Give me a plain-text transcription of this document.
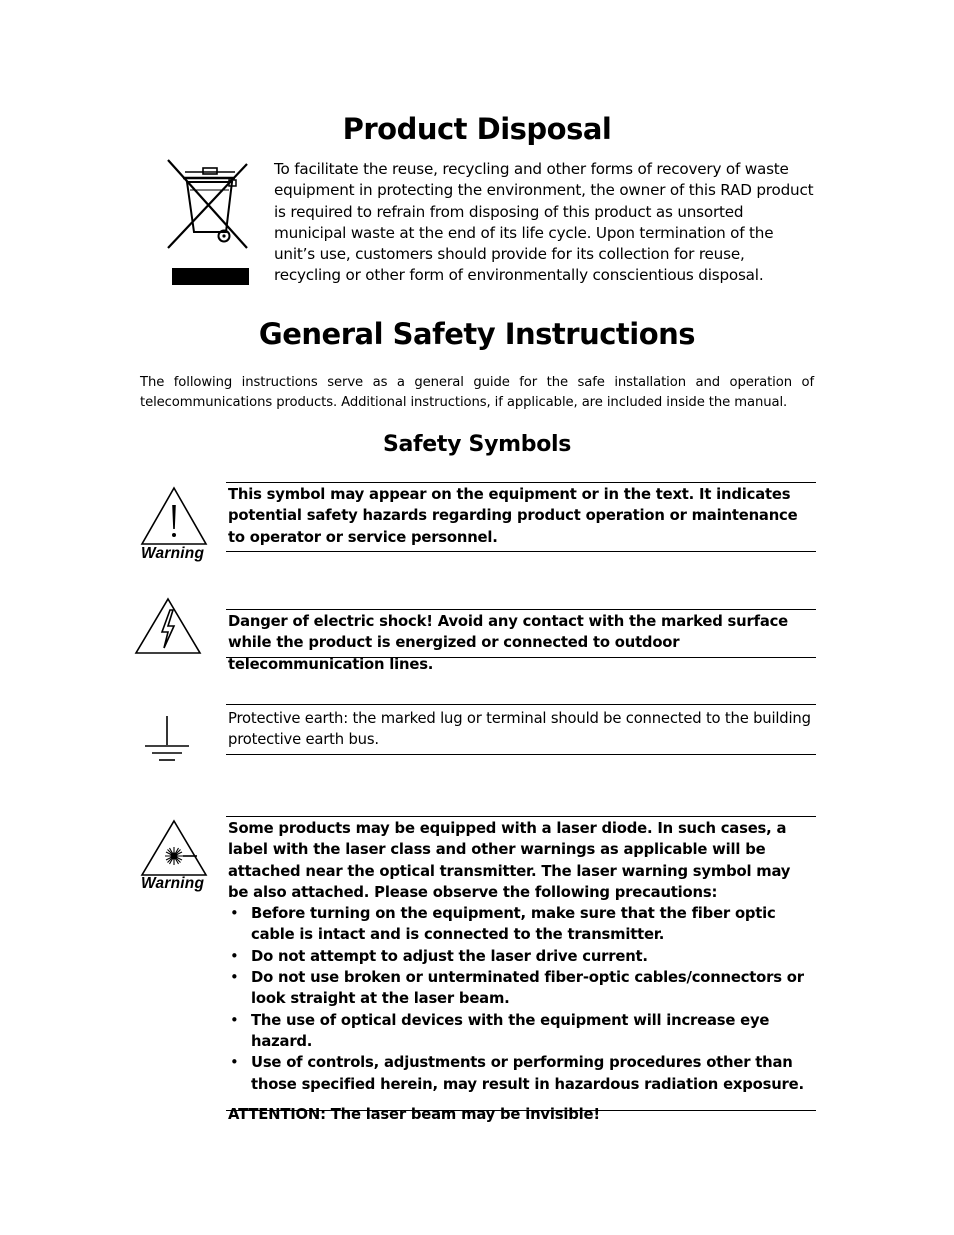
Product Disposal
To facilitate the reuse, recycling and other forms of recovery of waste equipment in protecting the environment, the owner of this RAD product is required to refrain from disposing of this product as unsorted municipal waste at the end of its life cycle. Upon termination of the unit’s use, customers should provide for its collection for reuse, recycling or other form of environmentally conscientious disposal.
General Safety Instructions
The following instructions serve as a general guide for the safe installation and operation of telecommunications products. Additional instructions, if applicable, are included inside the manual.
Safety Symbols
Warning
This symbol may appear on the equipment or in the text. It indicates potential safety hazards regarding product operation or maintenance to operator or service personnel.
Danger of electric shock! Avoid any contact with the marked surface while the product is energized or connected to outdoor telecommunication lines.
Protective earth: the marked lug or terminal should be connected to the building protective earth bus.
Warning
Some products may be equipped with a laser diode. In such cases, a label with the laser class and other warnings as applicable will be attached near the optical transmitter. The laser warning symbol may be also attached. Please observe the following precautions:
• Before turning on the equipment, make sure that the fiber optic cable is intact and is connected to the transmitter.
• Do not attempt to adjust the laser drive current.
• Do not use broken or unterminated fiber-optic cables/connectors or look straight at the laser beam.
• The use of optical devices with the equipment will increase eye hazard.
• Use of controls, adjustments or performing procedures other than those specified herein, may result in hazardous radiation exposure.
ATTENTION: The laser beam may be invisible!
